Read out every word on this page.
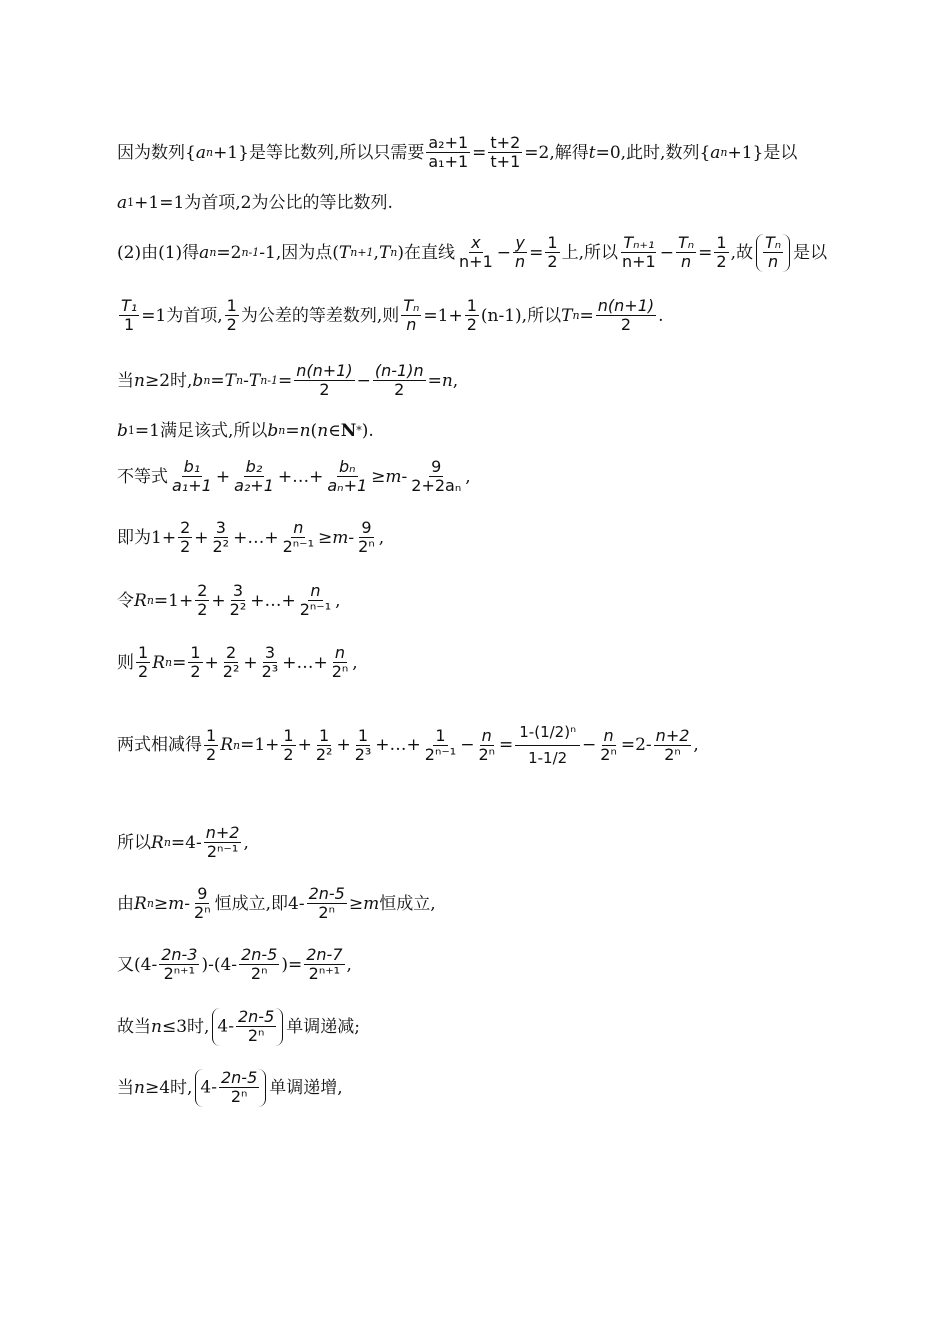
因为数列{ a n +1}是等比数列,所以只需要 $\frac{\text{a₂+1}}{\text{a₁+1}} = \frac{t+2}{t+1} =2$,解得 t =0,此时,数列{ a n +1}是以
a 1 +1=1为首项,2为公比的等比数列.
(2)由(1)得 a n =2 n-1 -1,因为点( T n+1 , T n )在直线 $\frac{x}{n+1} - \frac{y}{n} = \frac{1}{2}$ 上,所以 $\frac{\text{Tₙ₊₁}}{n+1} - \frac{\text{Tₙ}}{n} = \frac{1}{2}$ ,故 $\frac{\text{Tₙ}}{n}$ 是以
$\frac{\text{T₁}}{1} =1$为首项, $\frac{1}{2}$ 为公差的等差数列,则 $\frac{\text{Tₙ}}{n} =1+ \frac{1}{2} (n-1)$,所以 T $n = \frac{n(n+1)}{2}$ .
当 n ≥2时, b n = T n - T $n-1 = \frac{n(n+1)}{2} - \frac{(n-1)n}{2} = n$ ,
b 1 =1满足该式,所以 b n = n ( n ∈ N * ).
不等式 $\frac{\text{b₁}}{\text{a₁+1}} + \frac{\text{b₂}}{\text{a₂+1}}$ +…+ $\frac{\text{bₙ}}{\text{aₙ+1}} \ge m - \frac{9}{\text{2+2aₙ}}$ ,
即为$1+ \frac{2}{2} + \frac{3}{\text{2²}}$ +…+ $\frac{n}{\text{2ⁿ⁻¹}} \ge m - \frac{9}{\text{2ⁿ}}$ ,
令 R $n =1+ \frac{2}{2} + \frac{3}{\text{2²}}$ +…+ $\frac{n}{\text{2ⁿ⁻¹}}$ ,
则 $\frac{1}{2}$ R $n = \frac{1}{2} + \frac{2}{\text{2²}} + \frac{3}{\text{2³}}$ +…+ $\frac{n}{\text{2ⁿ}}$ ,
两式相减得 $\frac{1}{2}$ R $n =1+ \frac{1}{2} + \frac{1}{\text{2²}} + \frac{1}{\text{2³}}$ +…+ $\frac{1}{\text{2ⁿ⁻¹}} - \frac{n}{\text{2ⁿ}} = \frac{\text{1-(1/2)ⁿ}}{1-1/2} - \frac{n}{\text{2ⁿ}} =2- \frac{n+2}{\text{2ⁿ}}$ ,
所以 R $n =4- \frac{n+2}{\text{2ⁿ⁻¹}}$ ,
由 R $n \ge m - \frac{9}{\text{2ⁿ}}$ 恒成立,即$4- \frac{2n-5}{\text{2ⁿ}} \ge m$ 恒成立,
又$(4- \frac{2n-3}{\text{2ⁿ⁺¹}} )-(4- \frac{2n-5}{\text{2ⁿ}}$ )= $\frac{2n-7}{\text{2ⁿ⁺¹}}$ ,
故当 n ≤3时, $4- \frac{2n-5}{\text{2ⁿ}}$ 单调递减;
当 n ≥4时, $4- \frac{2n-5}{\text{2ⁿ}}$ 单调递增,
